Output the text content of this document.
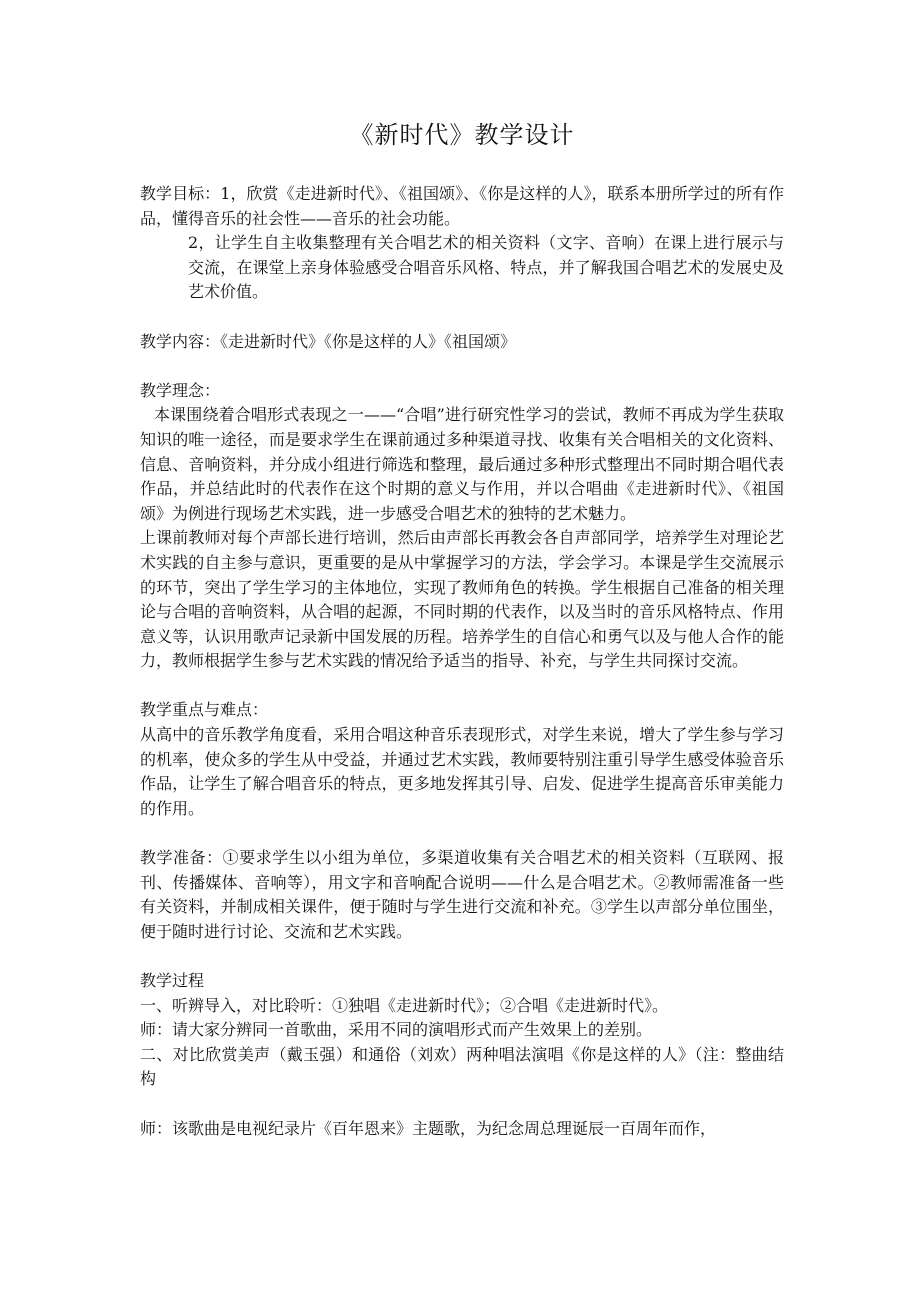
《新时代》教学设计

教学目标：1，欣赏《走进新时代》、《祖国颂》、《你是这样的人》，联系本册所学过的所有作品，懂得音乐的社会性——音乐的社会功能。

2，让学生自主收集整理有关合唱艺术的相关资料（文字、音响）在课上进行展示与交流，在课堂上亲身体验感受合唱音乐风格、特点，并了解我国合唱艺术的发展史及艺术价值。

教学内容：《走进新时代》《你是这样的人》《祖国颂》

教学理念：

本课围绕着合唱形式表现之一——“合唱”进行研究性学习的尝试，教师不再成为学生获取知识的唯一途径，而是要求学生在课前通过多种渠道寻找、收集有关合唱相关的文化资料、信息、音响资料，并分成小组进行筛选和整理，最后通过多种形式整理出不同时期合唱代表作品，并总结此时的代表作在这个时期的意义与作用，并以合唱曲《走进新时代》、《祖国颂》为例进行现场艺术实践，进一步感受合唱艺术的独特的艺术魅力。

上课前教师对每个声部长进行培训，然后由声部长再教会各自声部同学，培养学生对理论艺术实践的自主参与意识，更重要的是从中掌握学习的方法，学会学习。本课是学生交流展示的环节，突出了学生学习的主体地位，实现了教师角色的转换。学生根据自己准备的相关理论与合唱的音响资料，从合唱的起源，不同时期的代表作，以及当时的音乐风格特点、作用意义等，认识用歌声记录新中国发展的历程。培养学生的自信心和勇气以及与他人合作的能力，教师根据学生参与艺术实践的情况给予适当的指导、补充，与学生共同探讨交流。

教学重点与难点：

从高中的音乐教学角度看，采用合唱这种音乐表现形式，对学生来说，增大了学生参与学习的机率，使众多的学生从中受益，并通过艺术实践，教师要特别注重引导学生感受体验音乐作品，让学生了解合唱音乐的特点，更多地发挥其引导、启发、促进学生提高音乐审美能力的作用。

教学准备：①要求学生以小组为单位，多渠道收集有关合唱艺术的相关资料（互联网、报刊、传播媒体、音响等），用文字和音响配合说明——什么是合唱艺术。②教师需准备一些有关资料，并制成相关课件，便于随时与学生进行交流和补充。③学生以声部分单位围坐，便于随时进行讨论、交流和艺术实践。

教学过程

一、听辨导入，对比聆听：①独唱《走进新时代》；②合唱《走进新时代》。

师：请大家分辨同一首歌曲，采用不同的演唱形式而产生效果上的差别。

二、对比欣赏美声（戴玉强）和通俗（刘欢）两种唱法演唱《你是这样的人》（注：整曲结构

师：该歌曲是电视纪录片《百年恩来》主题歌，为纪念周总理诞辰一百周年而作，
